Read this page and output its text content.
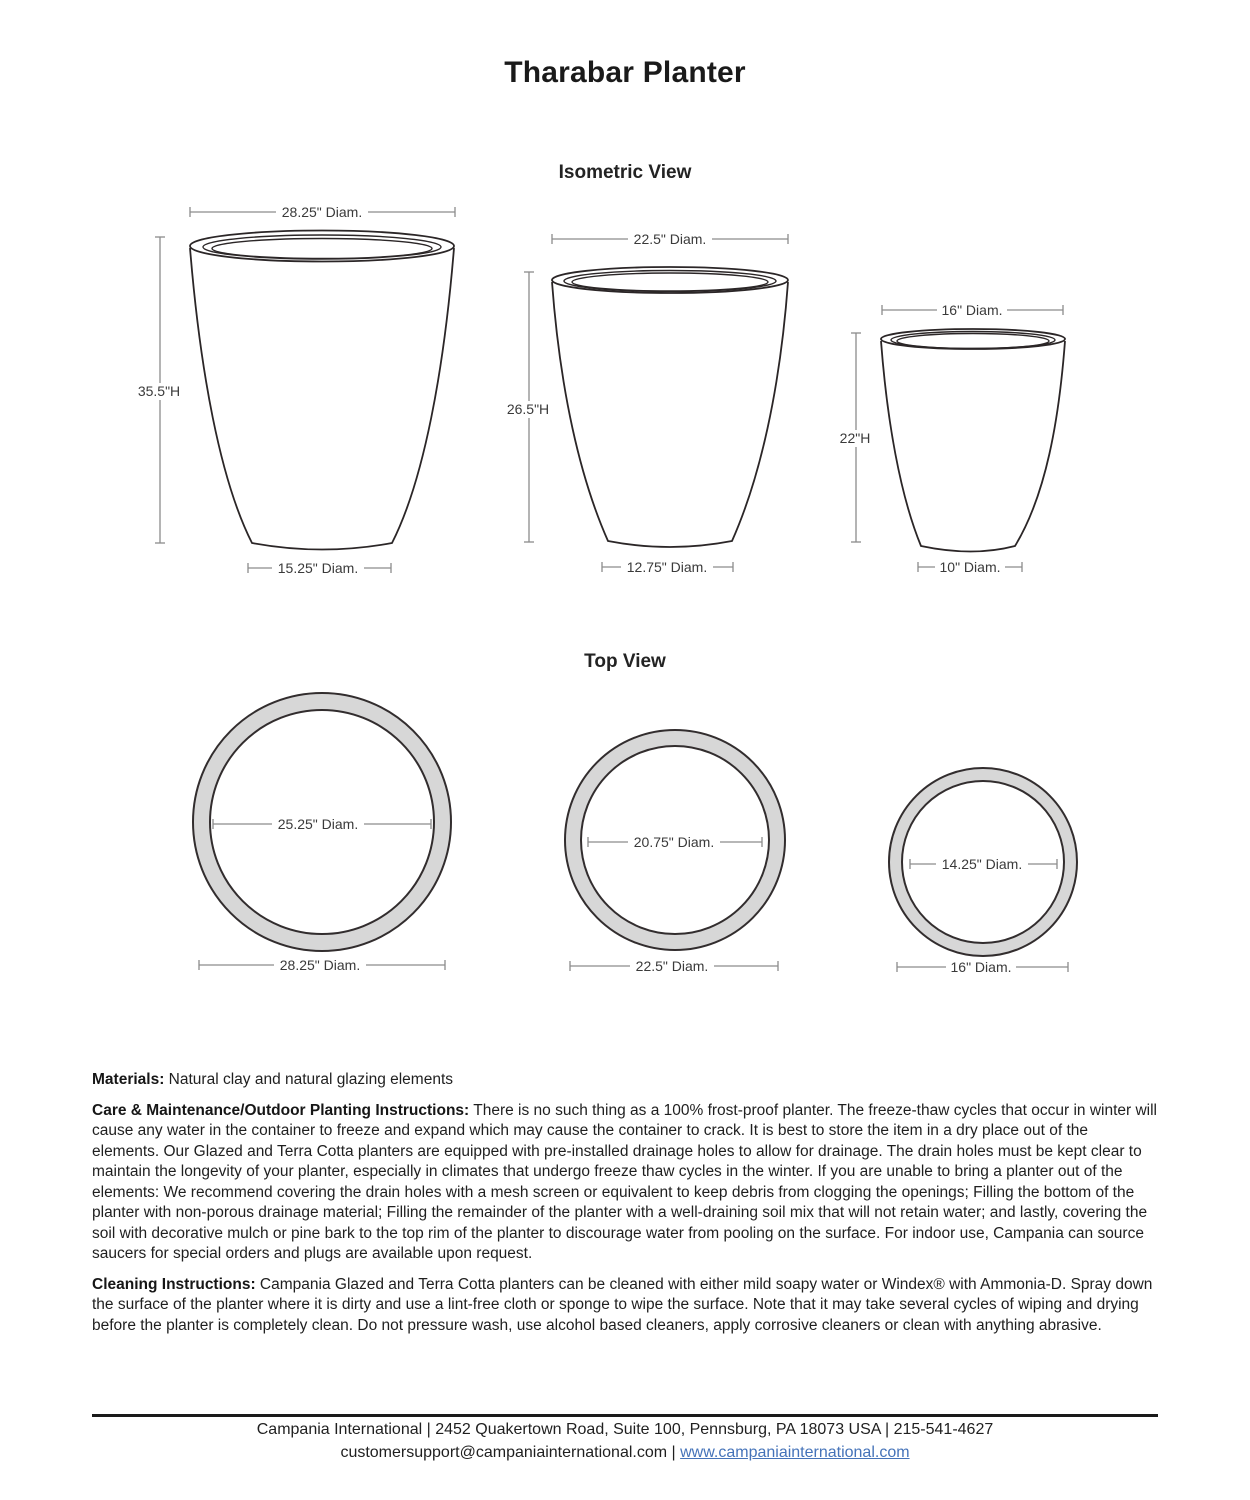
Tharabar Planter
Isometric View
Top View
28.25" Diam.
35.5"H
15.25" Diam.
22.5" Diam.
26.5"H
12.75" Diam.
16" Diam.
22"H
10" Diam.
25.25" Diam.
28.25" Diam.
20.75" Diam.
22.5" Diam.
14.25" Diam.
16" Diam.

Materials: Natural clay and natural glazing elements

Care & Maintenance/Outdoor Planting Instructions: There is no such thing as a 100% frost-proof planter. The freeze-thaw cycles that occur in winter will cause any water in the container to freeze and expand which may cause the container to crack. It is best to store the item in a dry place out of the elements. Our Glazed and Terra Cotta planters are equipped with pre-installed drainage holes to allow for drainage. The drain holes must be kept clear to maintain the longevity of your planter, especially in climates that undergo freeze thaw cycles in the winter. If you are unable to bring a planter out of the elements: We recommend covering the drain holes with a mesh screen or equivalent to keep debris from clogging the openings; Filling the bottom of the planter with non-porous drainage material; Filling the remainder of the planter with a well-draining soil mix that will not retain water; and lastly, covering the soil with decorative mulch or pine bark to the top rim of the planter to discourage water from pooling on the surface. For indoor use, Campania can source saucers for special orders and plugs are available upon request.

Cleaning Instructions: Campania Glazed and Terra Cotta planters can be cleaned with either mild soapy water or Windex® with Ammonia-D. Spray down the surface of the planter where it is dirty and use a lint-free cloth or sponge to wipe the surface. Note that it may take several cycles of wiping and drying before the planter is completely clean. Do not pressure wash, use alcohol based cleaners, apply corrosive cleaners or clean with anything abrasive.

Campania International | 2452 Quakertown Road, Suite 100, Pennsburg, PA 18073 USA | 215-541-4627
customersupport@campaniainternational.com | www.campaniainternational.com
